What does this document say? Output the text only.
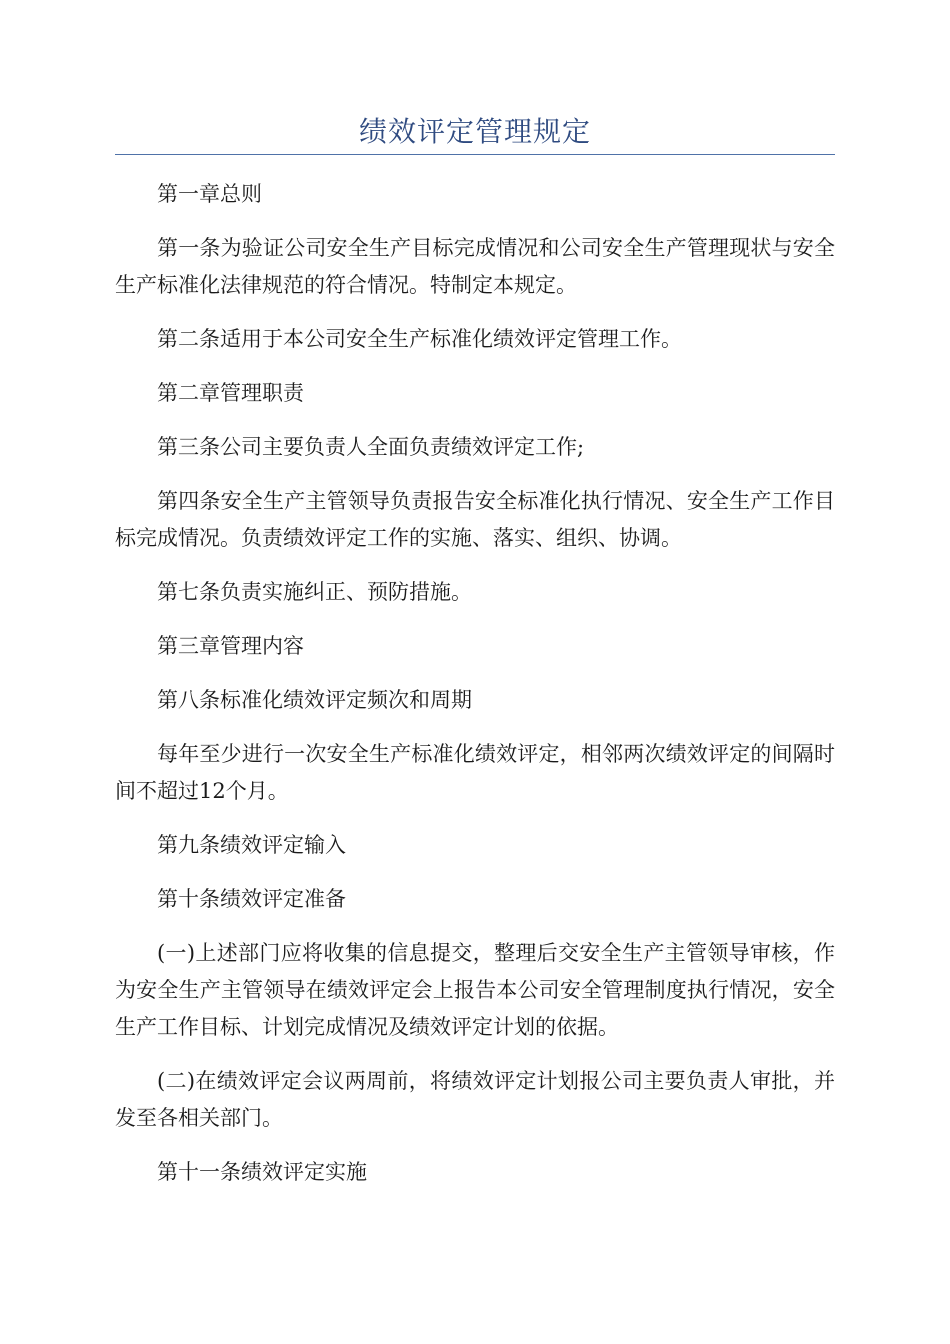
绩效评定管理规定

第一章总则

第一条为验证公司安全生产目标完成情况和公司安全生产管理现状与安全生产标准化法律规范的符合情况。特制定本规定。

第二条适用于本公司安全生产标准化绩效评定管理工作。

第二章管理职责

第三条公司主要负责人全面负责绩效评定工作;

第四条安全生产主管领导负责报告安全标准化执行情况、安全生产工作目标完成情况。负责绩效评定工作的实施、落实、组织、协调。

第七条负责实施纠正、预防措施。

第三章管理内容

第八条标准化绩效评定频次和周期

每年至少进行一次安全生产标准化绩效评定，相邻两次绩效评定的间隔时间不超过12个月。

第九条绩效评定输入

第十条绩效评定准备

(一)上述部门应将收集的信息提交，整理后交安全生产主管领导审核，作为安全生产主管领导在绩效评定会上报告本公司安全管理制度执行情况，安全生产工作目标、计划完成情况及绩效评定计划的依据。

(二)在绩效评定会议两周前，将绩效评定计划报公司主要负责人审批，并发至各相关部门。

第十一条绩效评定实施
